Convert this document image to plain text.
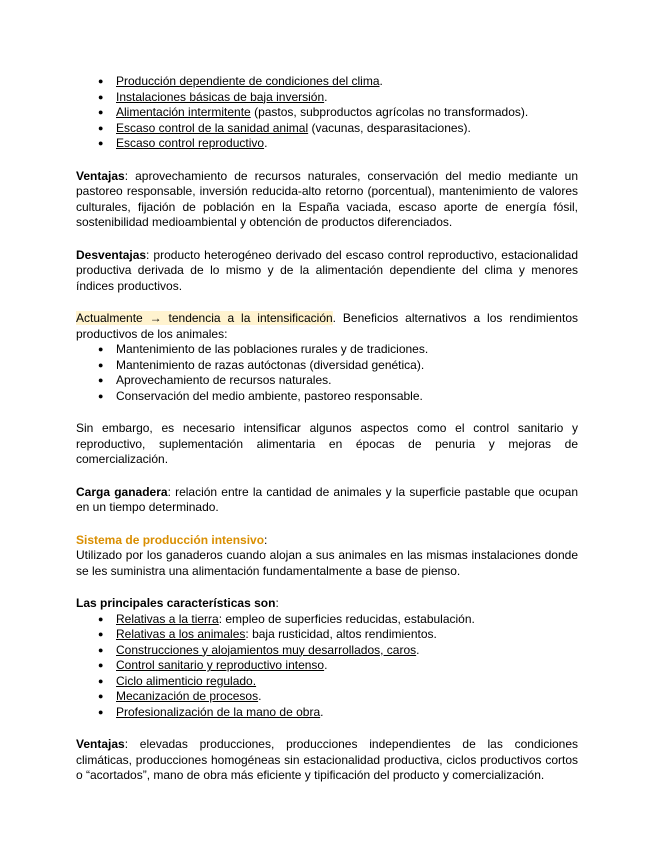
● Producción dependiente de condiciones del clima.
● Instalaciones básicas de baja inversión.
● Alimentación intermitente (pastos, subproductos agrícolas no transformados).
● Escaso control de la sanidad animal (vacunas, desparasitaciones).
● Escaso control reproductivo.

Ventajas: aprovechamiento de recursos naturales, conservación del medio mediante un pastoreo responsable, inversión reducida-alto retorno (porcentual), mantenimiento de valores culturales, fijación de población en la España vaciada, escaso aporte de energía fósil, sostenibilidad medioambiental y obtención de productos diferenciados.

Desventajas: producto heterogéneo derivado del escaso control reproductivo, estacionalidad productiva derivada de lo mismo y de la alimentación dependiente del clima y menores índices productivos.

Actualmente → tendencia a la intensificación. Beneficios alternativos a los rendimientos productivos de los animales:

● Mantenimiento de las poblaciones rurales y de tradiciones.
● Mantenimiento de razas autóctonas (diversidad genética).
● Aprovechamiento de recursos naturales.
● Conservación del medio ambiente, pastoreo responsable.

Sin embargo, es necesario intensificar algunos aspectos como el control sanitario y reproductivo, suplementación alimentaria en épocas de penuria y mejoras de comercialización.

Carga ganadera: relación entre la cantidad de animales y la superficie pastable que ocupan en un tiempo determinado.

Sistema de producción intensivo:

Utilizado por los ganaderos cuando alojan a sus animales en las mismas instalaciones donde se les suministra una alimentación fundamentalmente a base de pienso.

Las principales características son:

● Relativas a la tierra: empleo de superficies reducidas, estabulación.
● Relativas a los animales: baja rusticidad, altos rendimientos.
● Construcciones y alojamientos muy desarrollados, caros.
● Control sanitario y reproductivo intenso.
● Ciclo alimenticio regulado.
● Mecanización de procesos.
● Profesionalización de la mano de obra.

Ventajas: elevadas producciones, producciones independientes de las condiciones climáticas, producciones homogéneas sin estacionalidad productiva, ciclos productivos cortos o “acortados”, mano de obra más eficiente y tipificación del producto y comercialización.
